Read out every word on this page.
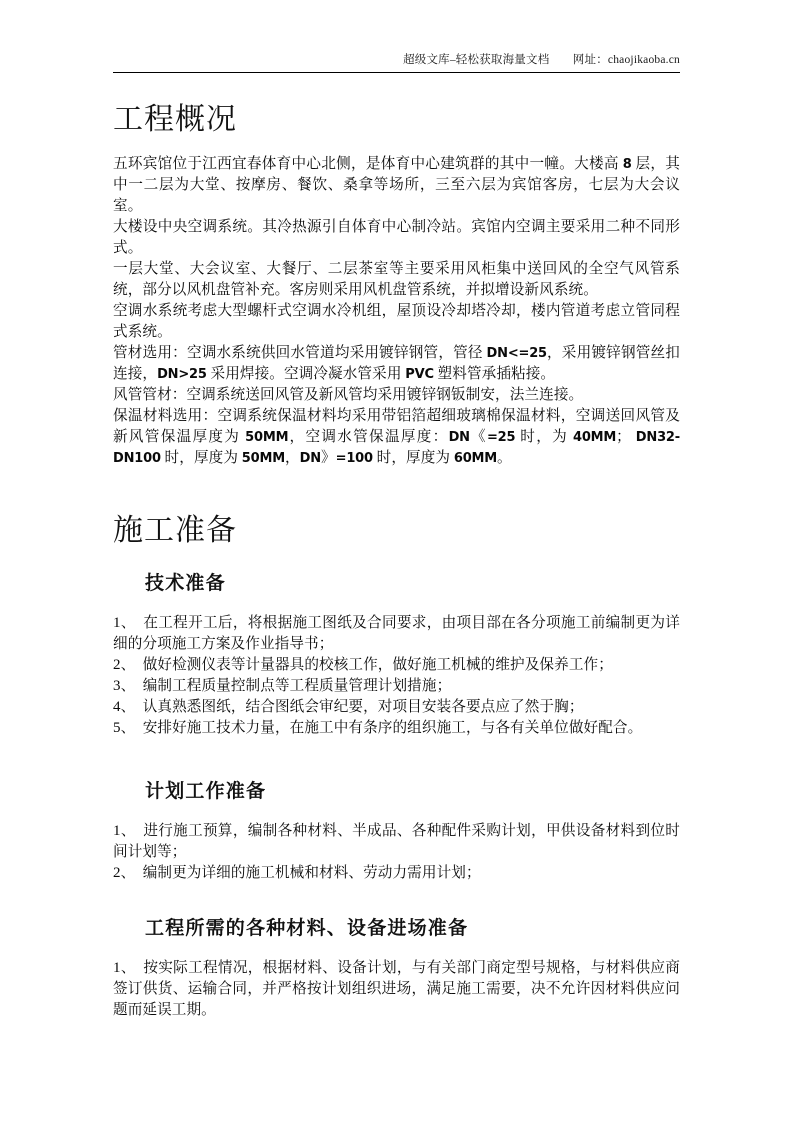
超级文库–轻松获取海量文档　　网址：chaojikaoba.cn
工程概况

五环宾馆位于江西宜春体育中心北侧，是体育中心建筑群的其中一幢。大楼高 8 层，其中一二层为大堂、按摩房、餐饮、桑拿等场所，三至六层为宾馆客房，七层为大会议室。

大楼设中央空调系统。其冷热源引自体育中心制冷站。宾馆内空调主要采用二种不同形式。

一层大堂、大会议室、大餐厅、二层茶室等主要采用风柜集中送回风的全空气风管系统，部分以风机盘管补充。客房则采用风机盘管系统，并拟增设新风系统。

空调水系统考虑大型螺杆式空调水冷机组，屋顶设冷却塔冷却，楼内管道考虑立管同程式系统。

管材选用：空调水系统供回水管道均采用镀锌钢管，管径 DN<=25，采用镀锌钢管丝扣连接，DN>25 采用焊接。空调冷凝水管采用 PVC 塑料管承插粘接。

风管管材：空调系统送回风管及新风管均采用镀锌钢钣制安，法兰连接。

保温材料选用：空调系统保温材料均采用带铝箔超细玻璃棉保温材料，空调送回风管及新风管保温厚度为 50MM，空调水管保温厚度：DN《=25 时，为 40MM； DN32-DN100 时，厚度为 50MM，DN》=100 时，厚度为 60MM。

施工准备
技术准备

1、　在工程开工后，将根据施工图纸及合同要求，由项目部在各分项施工前编制更为详细的分项施工方案及作业指导书；

2、　做好检测仪表等计量器具的校核工作，做好施工机械的维护及保养工作；

3、　编制工程质量控制点等工程质量管理计划措施；

4、　认真熟悉图纸，结合图纸会审纪要，对项目安装各要点应了然于胸；

5、　安排好施工技术力量，在施工中有条序的组织施工，与各有关单位做好配合。

计划工作准备

1、　进行施工预算，编制各种材料、半成品、各种配件采购计划，甲供设备材料到位时间计划等；

2、　编制更为详细的施工机械和材料、劳动力需用计划；

工程所需的各种材料、设备进场准备

1、　按实际工程情况，根据材料、设备计划，与有关部门商定型号规格，与材料供应商签订供货、运输合同，并严格按计划组织进场，满足施工需要，决不允许因材料供应问题而延误工期。
